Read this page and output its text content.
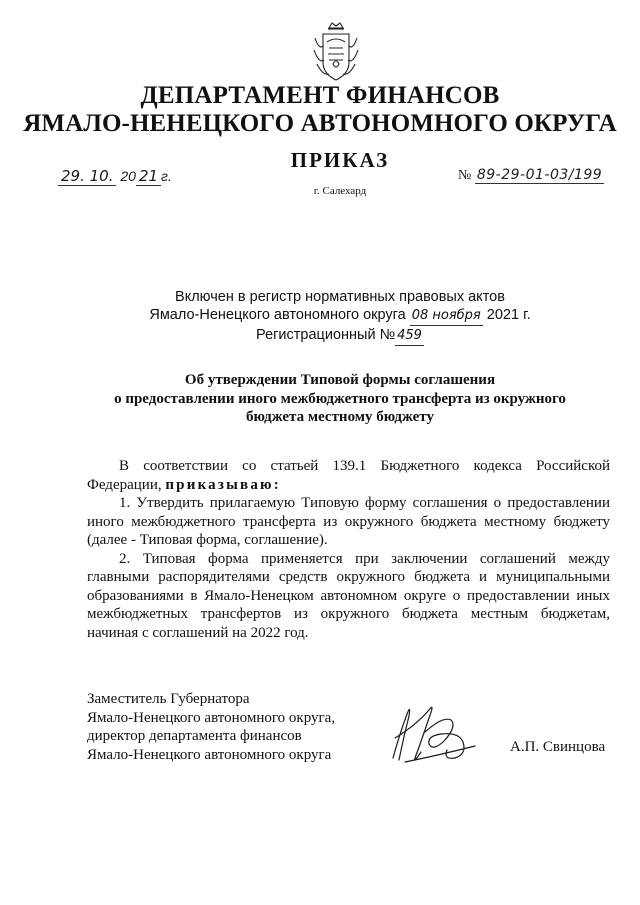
ДЕПАРТАМЕНТ ФИНАНСОВ
ЯМАЛО-НЕНЕЦКОГО АВТОНОМНОГО ОКРУГА
ПРИКАЗ
29. 10. 20 21 г.	№ 89-29-01-03/199
г. Салехард
Включен в регистр нормативных правовых актов
Ямало-Ненецкого автономного округа 08 ноября 2021 г.
Регистрационный № 459
Об утверждении Типовой формы соглашения
о предоставлении иного межбюджетного трансферта из окружного
бюджета местному бюджету

В соответствии со статьей 139.1 Бюджетного кодекса Российской Федерации, приказываю:

1. Утвердить прилагаемую Типовую форму соглашения о предоставлении иного межбюджетного трансферта из окружного бюджета местному бюджету (далее - Типовая форма, соглашение).

2. Типовая форма применяется при заключении соглашений между главными распорядителями средств окружного бюджета и муниципальными образованиями в Ямало-Ненецком автономном округе о предоставлении иных межбюджетных трансфертов из окружного бюджета местным бюджетам, начиная с соглашений на 2022 год.

Заместитель Губернатора
Ямало-Ненецкого автономного округа,
директор департамента финансов
Ямало-Ненецкого автономного округа	А.П. Свинцова
